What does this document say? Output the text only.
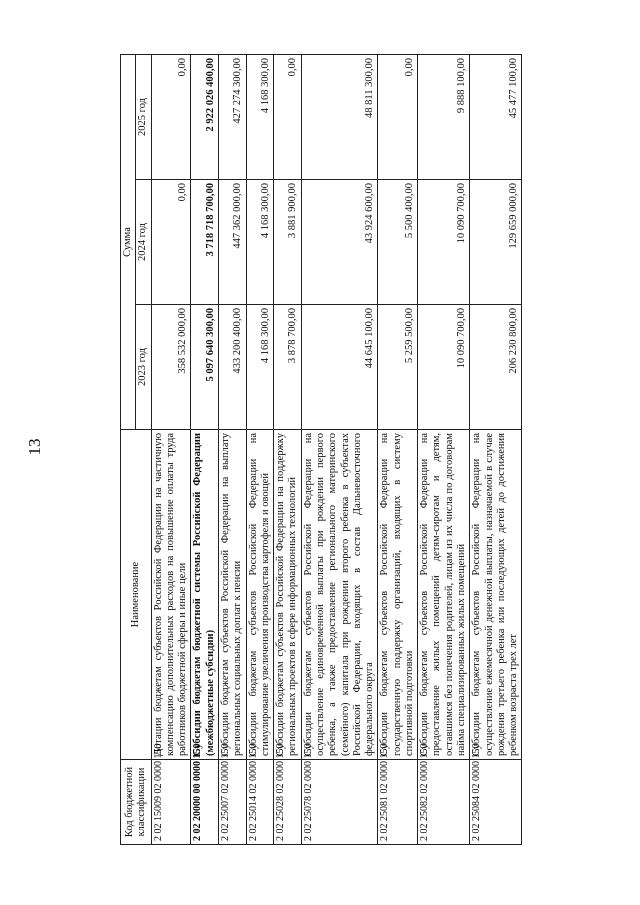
13
Код бюджетной классификации	Наименование	Сумма		
		2023 год	2024 год	2025 год
2 02 15009 02 0000 150	Дотации бюджетам субъектов Российской Федерации на частичную компенсацию дополнительных расходов на повышение оплаты труда работников бюджетной сферы и иные цели	358 532 000,00	0,00	0,00
2 02 20000 00 0000 150	Субсидии бюджетам бюджетной системы Российской Федерации (межбюджетные субсидии)	5 097 640 300,00	3 718 718 700,00	2 922 026 400,00
2 02 25007 02 0000 150	Субсидии бюджетам субъектов Российской Федерации на выплату региональных социальных доплат к пенсии	433 200 400,00	447 362 000,00	427 274 300,00
2 02 25014 02 0000 150	Субсидии бюджетам субъектов Российской Федерации на стимулирование увеличения производства картофеля и овощей	4 168 300,00	4 168 300,00	4 168 300,00
2 02 25028 02 0000 150	Субсидии бюджетам субъектов Российской Федерации на поддержку региональных проектов в сфере информационных технологий	3 878 700,00	3 881 900,00	0,00
2 02 25078 02 0000 150	Субсидии бюджетам субъектов Российской Федерации на осуществление единовременной выплаты при рождении первого ребенка, а также предоставление регионального материнского (семейного) капитала при рождении второго ребенка в субъектах Российской Федерации, входящих в состав Дальневосточного федерального округа	44 645 100,00	43 924 600,00	48 811 300,00
2 02 25081 02 0000 150	Субсидии бюджетам субъектов Российской Федерации на государственную поддержку организаций, входящих в систему спортивной подготовки	5 259 500,00	5 500 400,00	0,00
2 02 25082 02 0000 150	Субсидии бюджетам субъектов Российской Федерации на предоставление жилых помещений детям-сиротам и детям, оставшимся без попечения родителей, лицам из их числа по договорам найма специализированных жилых помещений	10 090 700,00	10 090 700,00	9 888 100,00
2 02 25084 02 0000 150	Субсидии бюджетам субъектов Российской Федерации на осуществление ежемесячной денежной выплаты, назначаемой в случае рождения третьего ребенка или последующих детей до достижения ребенком возраста трех лет	206 230 800,00	129 659 000,00	45 477 100,00
